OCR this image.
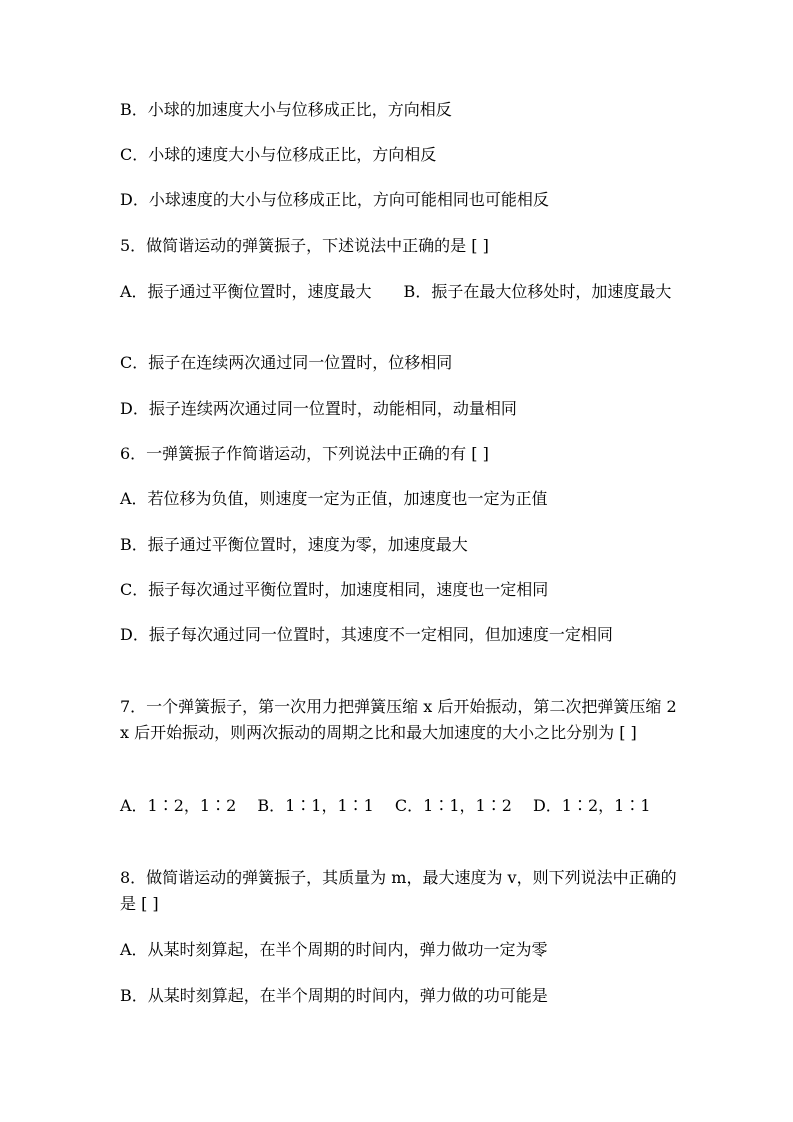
B．小球的加速度大小与位移成正比，方向相反

C．小球的速度大小与位移成正比，方向相反

D．小球速度的大小与位移成正比，方向可能相同也可能相反

5．做简谐运动的弹簧振子，下述说法中正确的是 [ ]

A．振子通过平衡位置时，速度最大　　B．振子在最大位移处时，加速度最大

C．振子在连续两次通过同一位置时，位移相同

D．振子连续两次通过同一位置时，动能相同，动量相同

6．一弹簧振子作简谐运动，下列说法中正确的有 [ ]

A．若位移为负值，则速度一定为正值，加速度也一定为正值

B．振子通过平衡位置时，速度为零，加速度最大

C．振子每次通过平衡位置时，加速度相同，速度也一定相同

D．振子每次通过同一位置时，其速度不一定相同，但加速度一定相同

7．一个弹簧振子，第一次用力把弹簧压缩 x 后开始振动，第二次把弹簧压缩 2x 后开始振动，则两次振动的周期之比和最大加速度的大小之比分别为 [ ]

A．1∶2，1∶2　 B．1∶1，1∶1　 C．1∶1，1∶2　 D．1∶2，1∶1

8．做简谐运动的弹簧振子，其质量为 m，最大速度为 v，则下列说法中正确的是 [ ]

A．从某时刻算起，在半个周期的时间内，弹力做功一定为零

B．从某时刻算起，在半个周期的时间内，弹力做的功可能是
